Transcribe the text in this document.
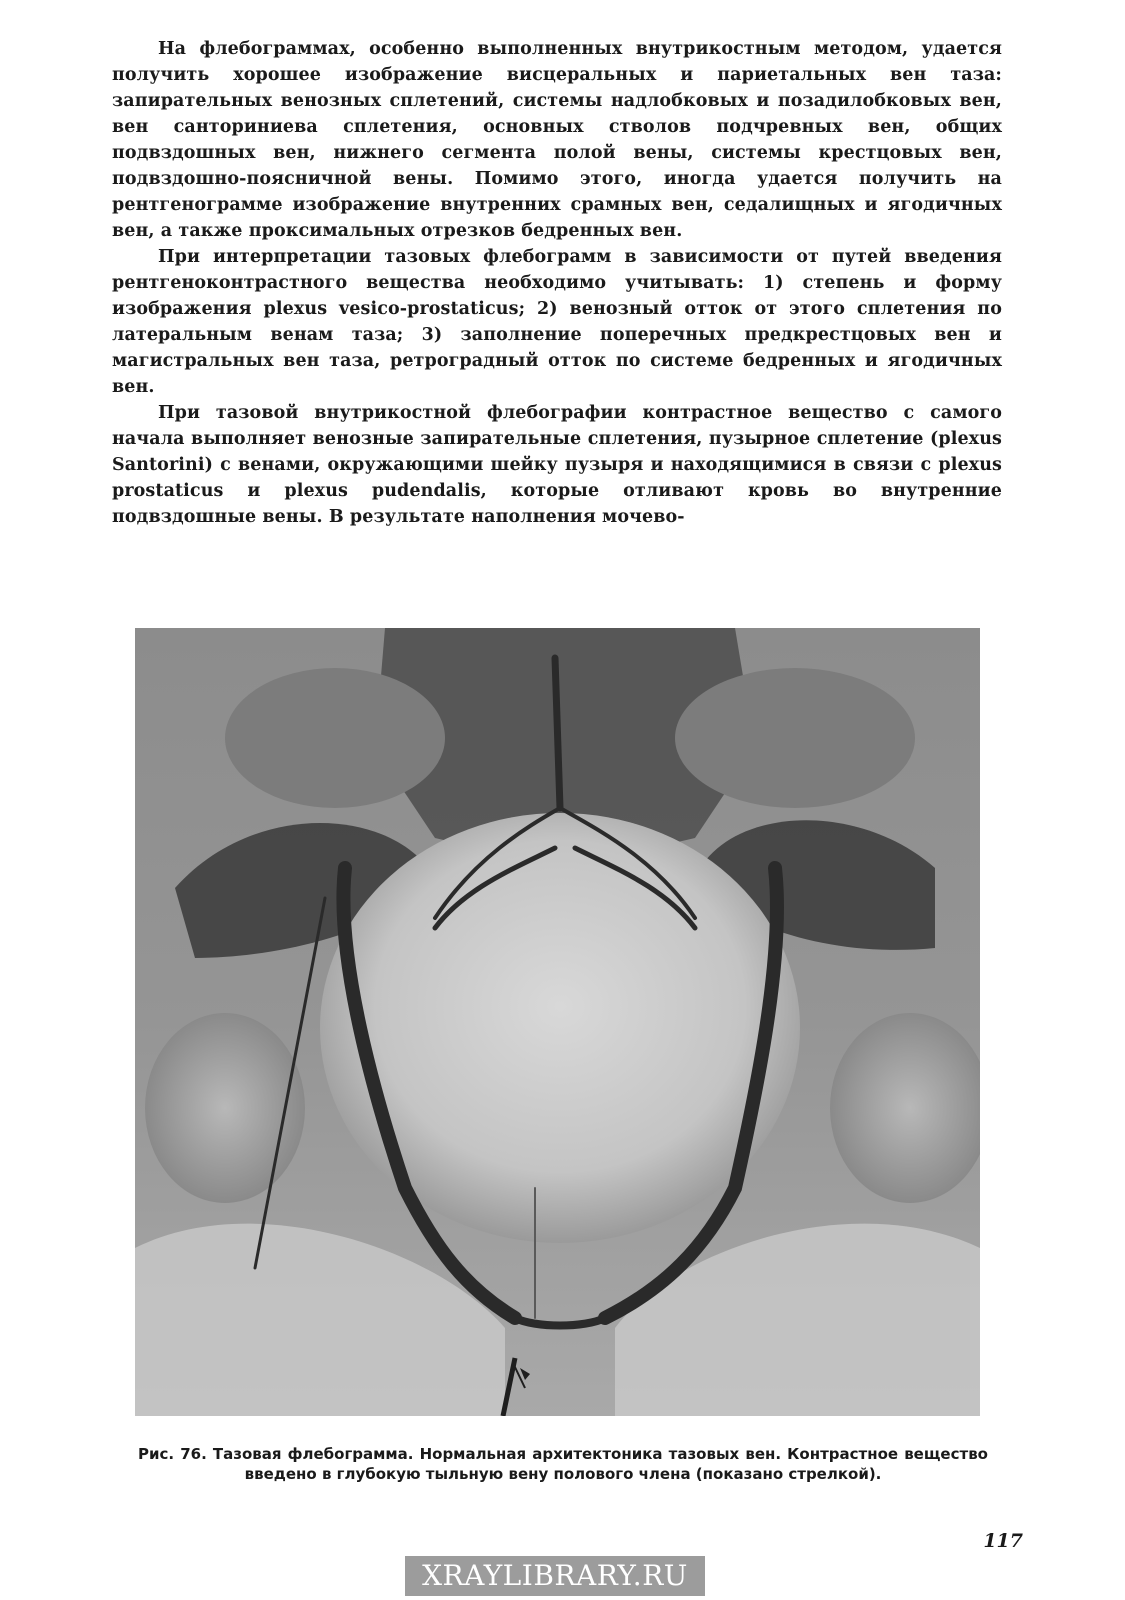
На флебограммах, особенно выполненных внутрикостным методом, удается получить хорошее изображение висцеральных и париетальных вен таза: запирательных венозных сплетений, системы надлобковых и позадилобковых вен, вен санториниева сплетения, основных стволов подчревных вен, общих подвздошных вен, нижнего сегмента полой вены, системы крестцовых вен, подвздошно-поясничной вены. Помимо этого, иногда удается получить на рентгенограмме изображение внутренних срамных вен, седалищных и ягодичных вен, а также проксимальных отрезков бедренных вен.

При интерпретации тазовых флебограмм в зависимости от путей введения рентгеноконтрастного вещества необходимо учитывать: 1) степень и форму изображения plexus vesico-prostaticus; 2) венозный отток от этого сплетения по латеральным венам таза; 3) заполнение поперечных предкрестцовых вен и магистральных вен таза, ретроградный отток по системе бедренных и ягодичных вен.

При тазовой внутрикостной флебографии контрастное вещество с самого начала выполняет венозные запирательные сплетения, пузырное сплетение (plexus Santorini) с венами, окружающими шейку пузыря и находящимися в связи с plexus prostaticus и plexus pudendalis, которые отливают кровь во внутренние подвздошные вены. В результате наполнения мочево-

Рис. 76. Тазовая флебограмма. Нормальная архитектоника тазовых вен. Контрастное вещество введено в глубокую тыльную вену полового члена (показано стрелкой).
117
XRAYLIBRARY.RU
